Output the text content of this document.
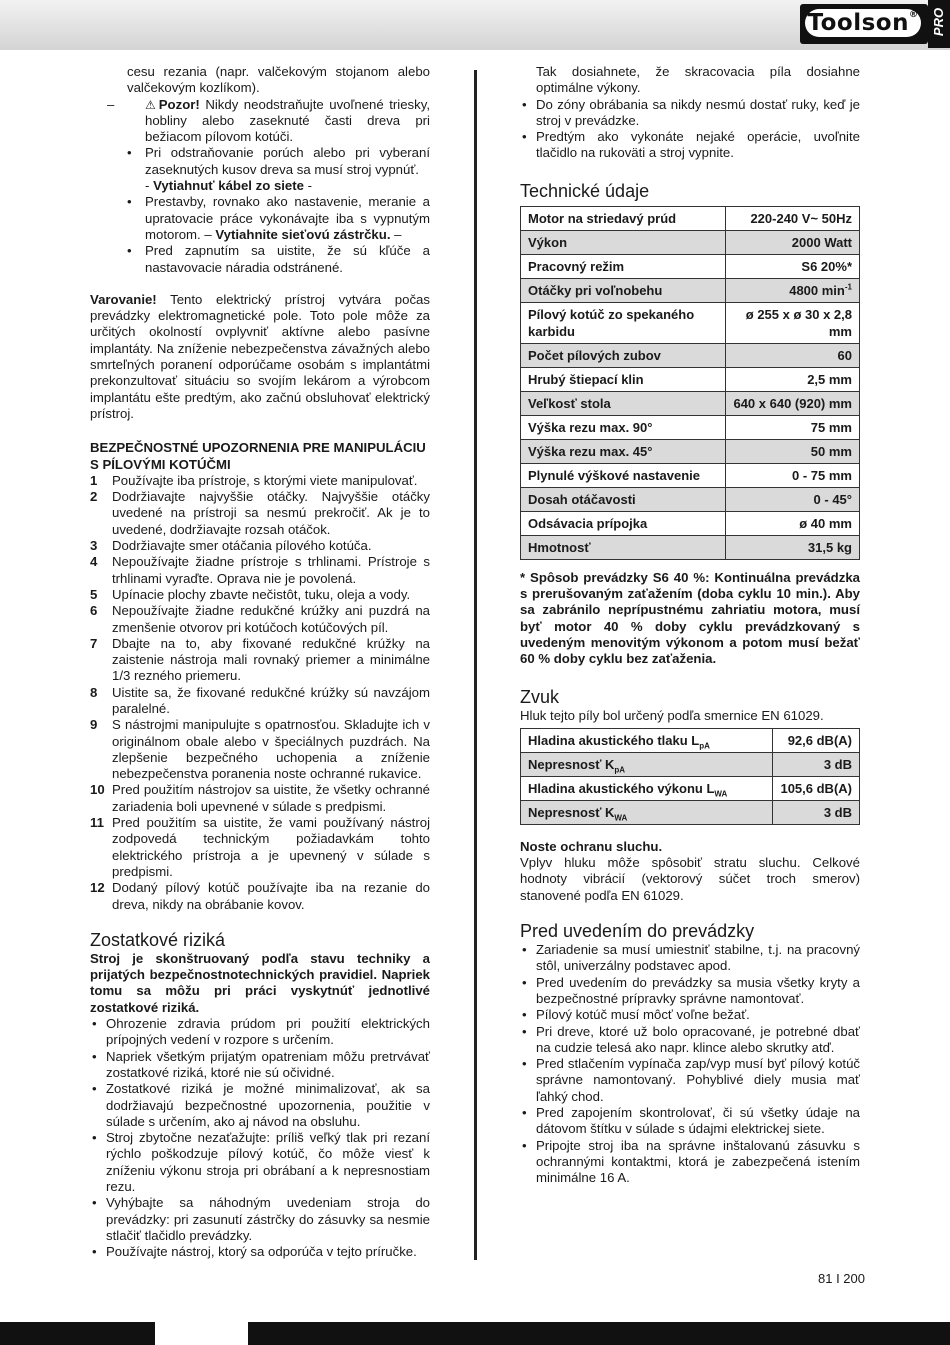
Toolson® PRO

cesu rezania (napr. valčekovým stojanom alebo valčekovým kozlíkom).

–	⚠ Pozor! Nikdy neodstraňujte uvoľnené triesky, hobliny alebo zaseknuté časti dreva pri bežiacom pílovom kotúči.

• Pri odstraňovanie porúch alebo pri vyberaní zaseknutých kusov dreva sa musí stroj vypnúť.
- Vytiahnuť kábel zo siete -

• Prestavby, rovnako ako nastavenie, meranie a upratovacie práce vykonávajte iba s vypnutým motorom. – Vytiahnite sieťovú zástrčku. –

• Pred zapnutím sa uistite, že sú kľúče a nastavovacie náradia odstránené.

Varovanie! Tento elektrický prístroj vytvára počas prevádzky elektromagnetické pole. Toto pole môže za určitých okolností ovplyvniť aktívne alebo pasívne implantáty. Na zníženie nebezpečenstva závažných alebo smrteľných poranení odporúčame osobám s implantátmi prekonzultovať situáciu so svojím lekárom a výrobcom implantátu ešte predtým, ako začnú obsluhovať elektrický prístroj.

BEZPEČNOSTNÉ UPOZORNENIA PRE MANIPULÁCIU S PÍLOVÝMI KOTÚČMI

1 Používajte iba prístroje, s ktorými viete manipulovať.

2 Dodržiavajte najvyššie otáčky. Najvyššie otáčky uvedené na prístroji sa nesmú prekročiť. Ak je to uvedené, dodržiavajte rozsah otáčok.

3 Dodržiavajte smer otáčania pílového kotúča.

4 Nepoužívajte žiadne prístroje s trhlinami. Prístroje s trhlinami vyraďte. Oprava nie je povolená.

5 Upínacie plochy zbavte nečistôt, tuku, oleja a vody.

6 Nepoužívajte žiadne redukčné krúžky ani puzdrá na zmenšenie otvorov pri kotúčoch kotúčových píl.

7 Dbajte na to, aby fixované redukčné krúžky na zaistenie nástroja mali rovnaký priemer a minimálne 1/3 rezného priemeru.

8 Uistite sa, že fixované redukčné krúžky sú navzájom paralelné.

9 S nástrojmi manipulujte s opatrnosťou. Skladujte ich v originálnom obale alebo v špeciálnych puzdrách. Na zlepšenie bezpečného uchopenia a zníženie nebezpečenstva poranenia noste ochranné rukavice.

10 Pred použitím nástrojov sa uistite, že všetky ochranné zariadenia boli upevnené v súlade s predpismi.

11 Pred použitím sa uistite, že vami používaný nástroj zodpovedá technickým požiadavkám tohto elektrického prístroja a je upevnený v súlade s predpismi.

12 Dodaný pílový kotúč používajte iba na rezanie do dreva, nikdy na obrábanie kovov.

Zostatkové riziká

Stroj je skonštruovaný podľa stavu techniky a prijatých bezpečnostnotechnických pravidiel. Napriek tomu sa môžu pri práci vyskytnúť jednotlivé zostatkové riziká.

• Ohrozenie zdravia prúdom pri použití elektrických prípojných vedení v rozpore s určením.

• Napriek všetkým prijatým opatreniam môžu pretrvávať zostatkové riziká, ktoré nie sú očividné.

• Zostatkové riziká je možné minimalizovať, ak sa dodržiavajú bezpečnostné upozornenia, použitie v súlade s určením, ako aj návod na obsluhu.

• Stroj zbytočne nezaťažujte: príliš veľký tlak pri rezaní rýchlo poškodzuje pílový kotúč, čo môže viesť k zníženiu výkonu stroja pri obrábaní a k nepresnostiam rezu.

• Vyhýbajte sa náhodným uvedeniam stroja do prevádzky: pri zasunutí zástrčky do zásuvky sa nesmie stlačiť tlačidlo prevádzky.

• Používajte nástroj, ktorý sa odporúča v tejto príručke.

Tak dosiahnete, že skracovacia píla dosiahne optimálne výkony.

• Do zóny obrábania sa nikdy nesmú dostať ruky, keď je stroj v prevádzke.

• Predtým ako vykonáte nejaké operácie, uvoľnite tlačidlo na rukoväti a stroj vypnite.

Technické údaje
Motor na striedavý prúd	220-240 V~ 50Hz
Výkon	2000 Watt
Pracovný režim	S6 20%*
Otáčky pri voľnobehu	4800 $\min^{-1}$
Pílový kotúč zo spekaného karbidu	ø 255 x ø 30 x 2,8 mm
Počet pílových zubov	60
Hrubý štiepací klin	2,5 mm
Veľkosť stola	640 x 640 (920) mm
Výška rezu max. 90°	75 mm
Výška rezu max. 45°	50 mm
Plynulé výškové nastavenie	0 - 75 mm
Dosah otáčavosti	0 - 45°
Odsávacia prípojka	ø 40 mm
Hmotnosť	31,5 kg

* Spôsob prevádzky S6 40 %: Kontinuálna prevádzka s prerušovaným zaťažením (doba cyklu 10 min.). Aby sa zabránilo neprípustnému zahriatiu motora, musí byť motor 40 % doby cyklu prevádzkovaný s uvedeným menovitým výkonom a potom musí bežať 60 % doby cyklu bez zaťaženia.

Zvuk

Hluk tejto píly bol určený podľa smernice EN 61029.

Hladina akustického tlaku $L_{pA}$	92,6 dB(A)
Nepresnosť $K_{pA}$	3 dB
Hladina akustického výkonu $L_{WA}$	105,6 dB(A)
Nepresnosť $K_{WA}$	3 dB

Noste ochranu sluchu.

Vplyv hluku môže spôsobiť stratu sluchu. Celkové hodnoty vibrácií (vektorový súčet troch smerov) stanovené podľa EN 61029.

Pred uvedením do prevádzky

• Zariadenie sa musí umiestniť stabilne, t.j. na pracovný stôl, univerzálny podstavec apod.

• Pred uvedením do prevádzky sa musia všetky kryty a bezpečnostné prípravky správne namontovať.

• Pílový kotúč musí môcť voľne bežať.

• Pri dreve, ktoré už bolo opracované, je potrebné dbať na cudzie telesá ako napr. klince alebo skrutky atď.

• Pred stlačením vypínača zap/vyp musí byť pílový kotúč správne namontovaný. Pohyblivé diely musia mať ľahký chod.

• Pred zapojením skontrolovať, či sú všetky údaje na dátovom štítku v súlade s údajmi elektrickej siete.

• Pripojte stroj iba na správne inštalovanú zásuvku s ochrannými kontaktmi, ktorá je zabezpečená istením minimálne 16 A.

81 I 200
